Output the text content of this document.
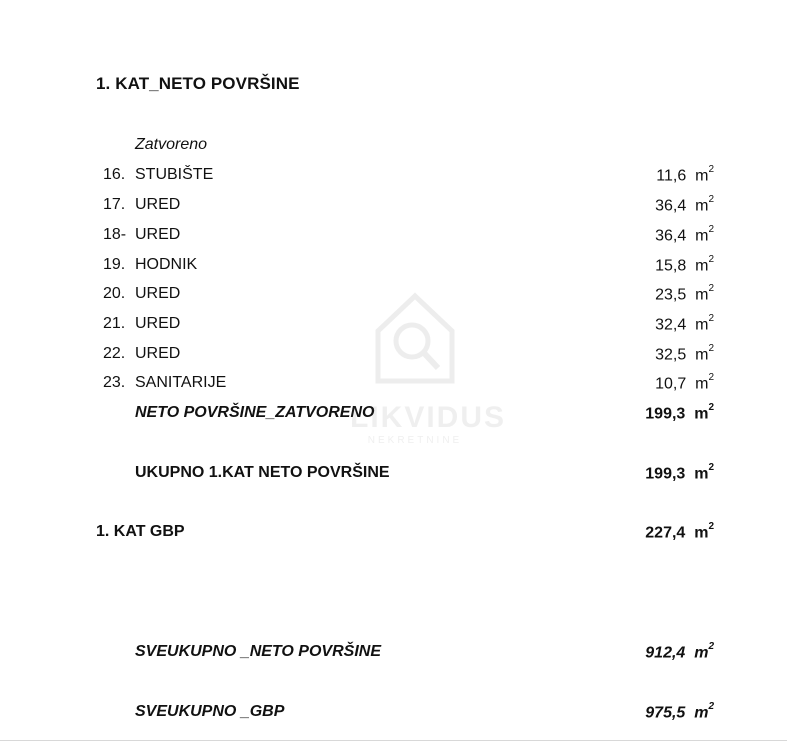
1. KAT_NETO POVRŠINE
Zatvoreno
16. STUBIŠTE	11,6 $m^2$
17. URED	36,4 $m^2$
18- URED	36,4 $m^2$
19. HODNIK	15,8 $m^2$
20. URED	23,5 $m^2$
21. URED	32,4 $m^2$
22. URED	32,5 $m^2$
23. SANITARIJE	10,7 $m^2$
NETO POVRŠINE_ZATVORENO	199,3 $m^2$
UKUPNO 1.KAT NETO POVRŠINE	199,3 $m^2$
1. KAT GBP	227,4 $m^2$
SVEUKUPNO _NETO POVRŠINE	912,4 $m^2$
SVEUKUPNO _GBP	975,5 $m^2$
LIKVIDUS
NEKRETNINE
